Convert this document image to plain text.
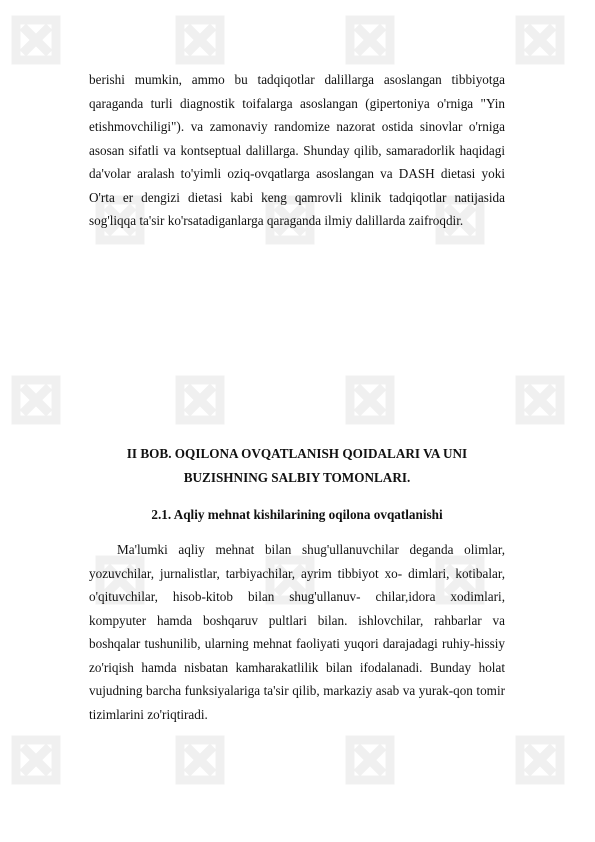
berishi mumkin, ammo bu tadqiqotlar dalillarga asoslangan tibbiyotga qaraganda turli diagnostik toifalarga asoslangan (gipertoniya o'rniga "Yin etishmovchiligi"). va zamonaviy randomize nazorat ostida sinovlar o'rniga asosan sifatli va kontseptual dalillarga. Shunday qilib, samaradorlik haqidagi da'volar aralash to'yimli oziq-ovqatlarga asoslangan va DASH dietasi yoki O'rta er dengizi dietasi kabi keng qamrovli klinik tadqiqotlar natijasida sog'liqqa ta'sir ko'rsatadiganlarga qaraganda ilmiy dalillarda zaifroqdir.

II BOB. OQILONA OVQATLANISH QOIDALARI VA UNI
BUZISHNING SALBIY TOMONLARI.
2.1. Aqliy mehnat kishilarining oqilona ovqatlanishi

Ma'lumki aqliy mehnat bilan shug'ullanuvchilar deganda olimlar, yozuvchilar, jurnalistlar, tarbiyachilar, ayrim tibbiyot xo- dimlari, kotibalar, o'qituvchilar, hisob-kitob bilan shug'ullanuv- chilar,idora xodimlari, kompyuter hamda boshqaruv pultlari bilan. ishlovchilar, rahbarlar va boshqalar tushunilib, ularning mehnat faoliyati yuqori darajadagi ruhiy-hissiy zo'riqish hamda nisbatan kamharakatlilik bilan ifodalanadi. Bunday holat vujudning barcha funksiyalariga ta'sir qilib, markaziy asab va yurak-qon tomir tizimlarini zo'riqtiradi.
